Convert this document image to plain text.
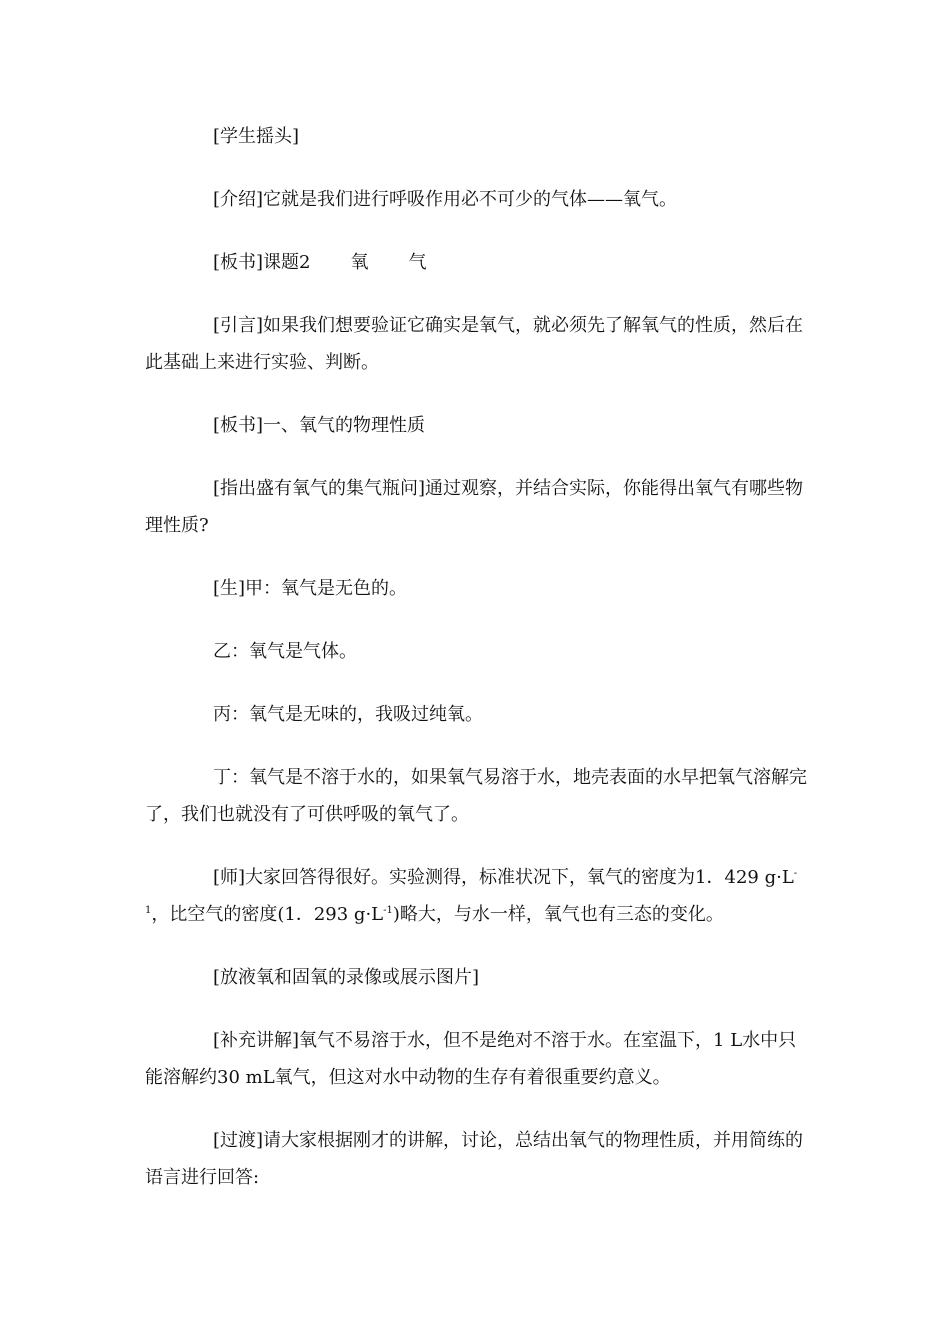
[学生摇头]

[介绍]它就是我们进行呼吸作用必不可少的气体——氧气。

[板书]课题2 氧 气

[引言]如果我们想要验证它确实是氧气，就必须先了解氧气的性质，然后在此基础上来进行实验、判断。

[板书]一、氧气的物理性质

[指出盛有氧气的集气瓶问]通过观察，并结合实际，你能得出氧气有哪些物理性质?

[生]甲：氧气是无色的。

乙：氧气是气体。

丙：氧气是无味的，我吸过纯氧。

丁：氧气是不溶于水的，如果氧气易溶于水，地壳表面的水早把氧气溶解完了，我们也就没有了可供呼吸的氧气了。

[师]大家回答得很好。实验测得，标准状况下，氧气的密度为1．429 $g\cdot L^{-1}$，比空气的密度(1．293 $g\cdot L^{-1}$)略大，与水一样，氧气也有三态的变化。

[放液氧和固氧的录像或展示图片]

[补充讲解]氧气不易溶于水，但不是绝对不溶于水。在室温下，1 L水中只能溶解约30 mL氧气，但这对水中动物的生存有着很重要约意义。

[过渡]请大家根据刚才的讲解，讨论，总结出氧气的物理性质，并用简练的语言进行回答:
